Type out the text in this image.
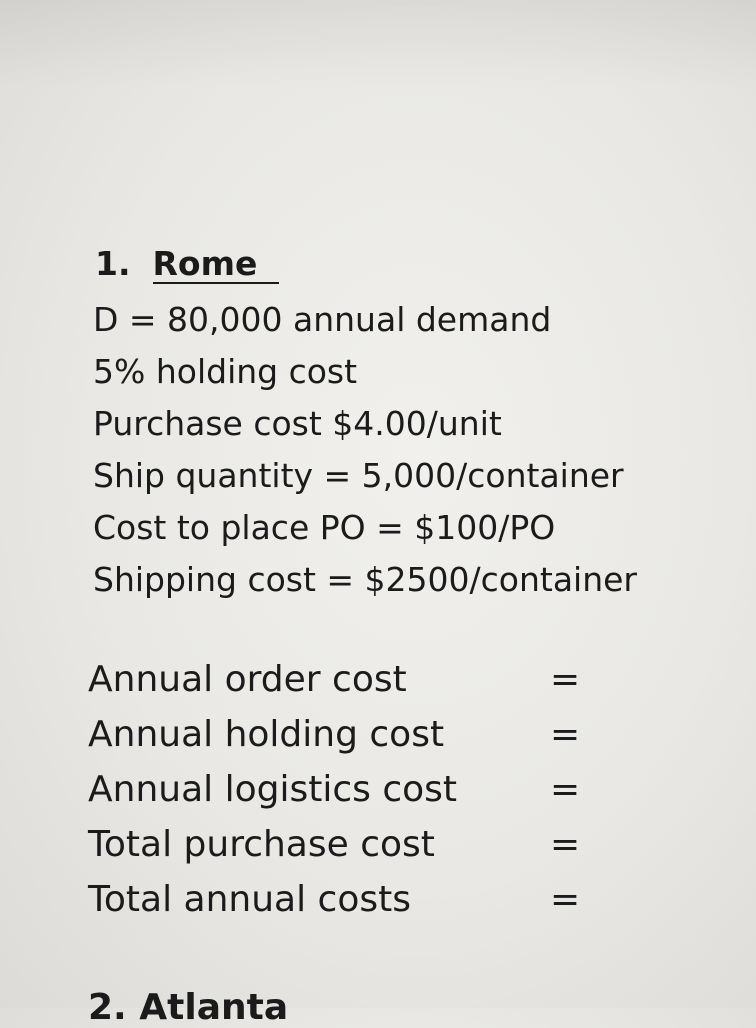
1. Rome
D = 80,000 annual demand
5% holding cost
Purchase cost $4.00/unit
Ship quantity = 5,000/container
Cost to place PO = $100/PO
Shipping cost = $2500/container
Annual order cost	=
Annual holding cost	=
Annual logistics cost	=
Total purchase cost	=
Total annual costs	=
2. Atlanta
